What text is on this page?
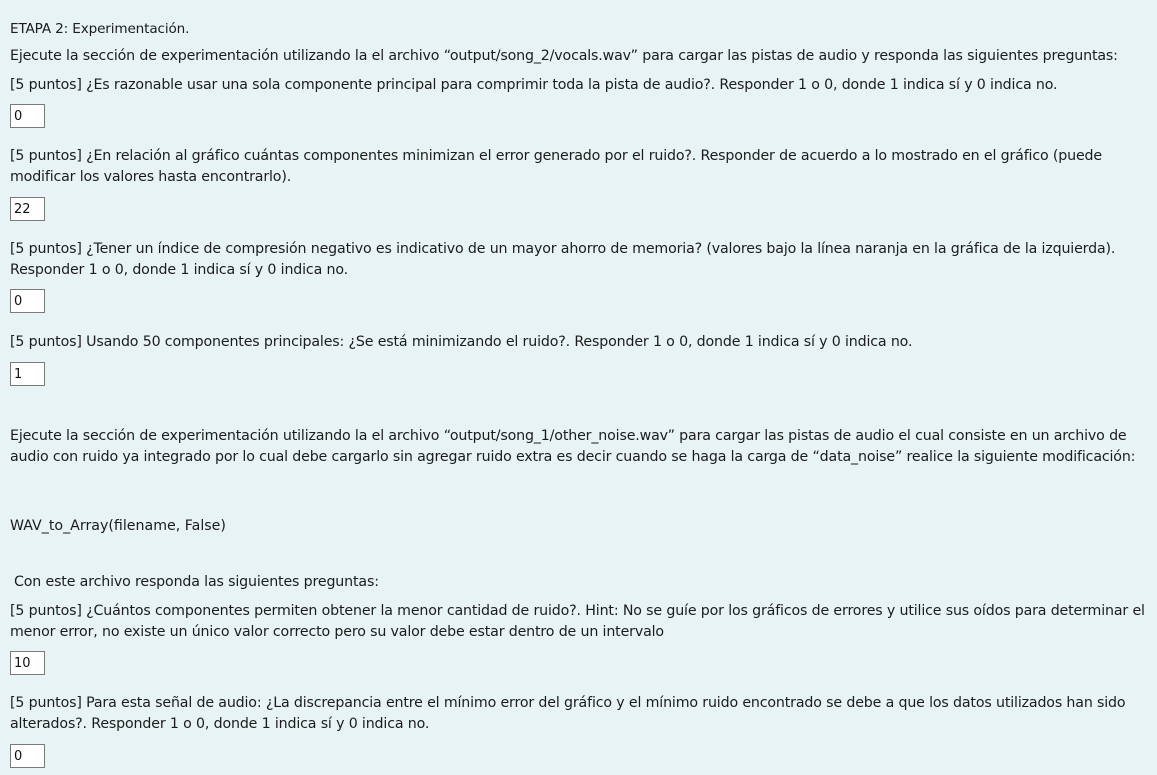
ETAPA 2: Experimentación.
Ejecute la sección de experimentación utilizando la el archivo “output/song_2/vocals.wav” para cargar las pistas de audio y responda las siguientes preguntas:
[5 puntos] ¿Es razonable usar una sola componente principal para comprimir toda la pista de audio?. Responder 1 o 0, donde 1 indica sí y 0 indica no.
0
[5 puntos] ¿En relación al gráfico cuántas componentes minimizan el error generado por el ruido?. Responder de acuerdo a lo mostrado en el gráfico (puede modificar los valores hasta encontrarlo).
22
[5 puntos] ¿Tener un índice de compresión negativo es indicativo de un mayor ahorro de memoria? (valores bajo la línea naranja en la gráfica de la izquierda). Responder 1 o 0, donde 1 indica sí y 0 indica no.
0
[5 puntos] Usando 50 componentes principales: ¿Se está minimizando el ruido?. Responder 1 o 0, donde 1 indica sí y 0 indica no.
1
Ejecute la sección de experimentación utilizando la el archivo “output/song_1/other_noise.wav” para cargar las pistas de audio el cual consiste en un archivo de audio con ruido ya integrado por lo cual debe cargarlo sin agregar ruido extra es decir cuando se haga la carga de “data_noise” realice la siguiente modificación:
WAV_to_Array(filename, False)
Con este archivo responda las siguientes preguntas:
[5 puntos] ¿Cuántos componentes permiten obtener la menor cantidad de ruido?. Hint: No se guíe por los gráficos de errores y utilice sus oídos para determinar el menor error, no existe un único valor correcto pero su valor debe estar dentro de un intervalo
10
[5 puntos] Para esta señal de audio: ¿La discrepancia entre el mínimo error del gráfico y el mínimo ruido encontrado se debe a que los datos utilizados han sido alterados?. Responder 1 o 0, donde 1 indica sí y 0 indica no.
0
